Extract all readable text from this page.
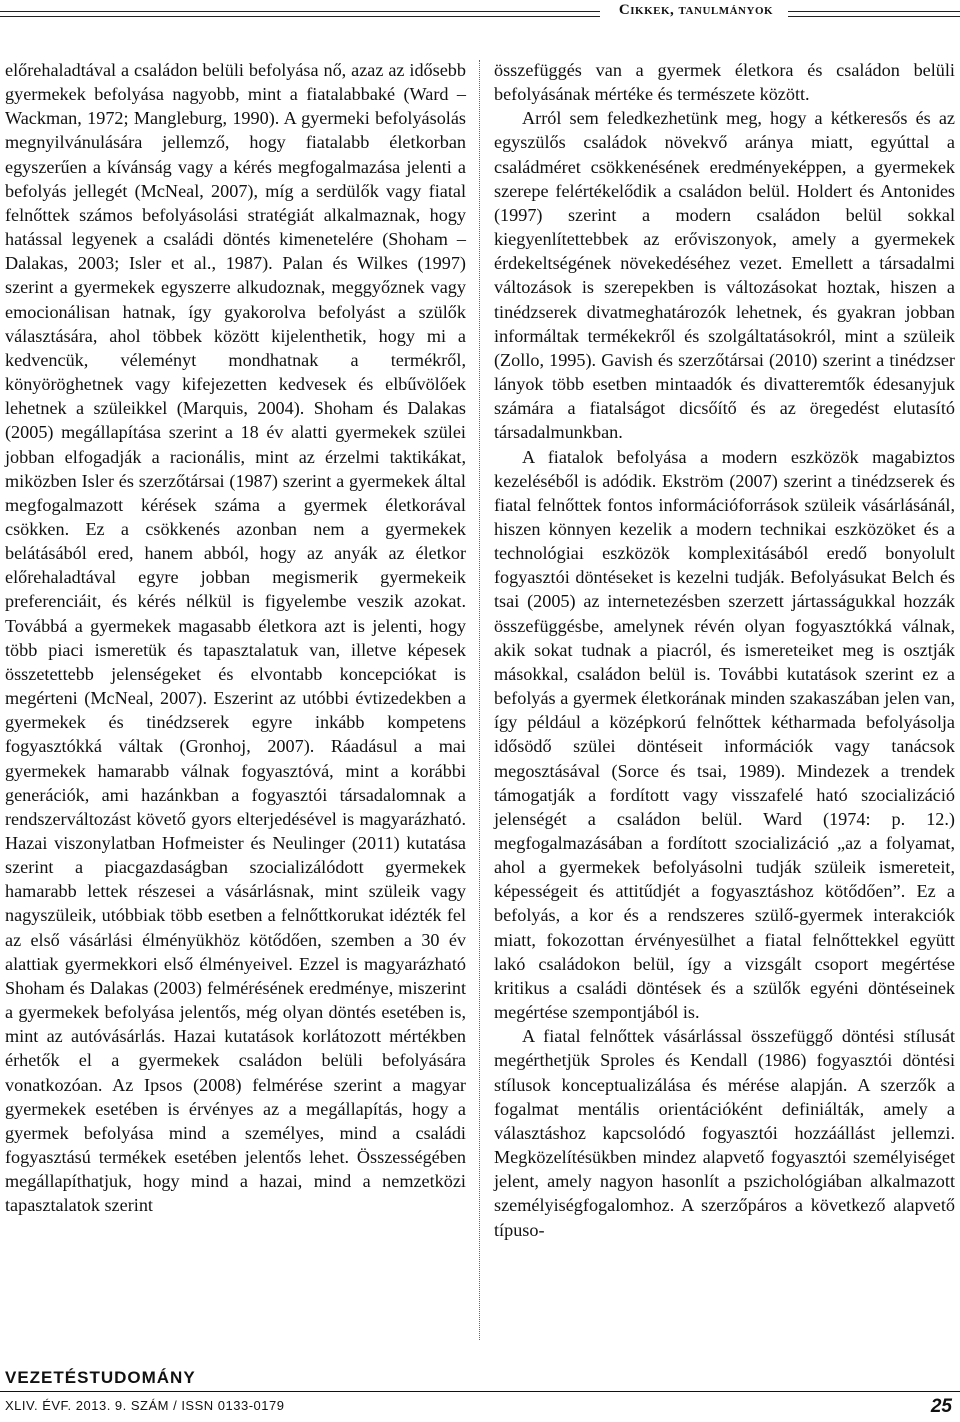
Cikkek, tanulmányok

előrehaladtával a családon belüli befolyása nő, azaz az idősebb gyermekek befolyása nagyobb, mint a fiatalabbaké (Ward – Wackman, 1972; Mangleburg, 1990). A gyermeki befolyásolás megnyilvánulására jellemző, hogy fiatalabb életkorban egyszerűen a kívánság vagy a kérés megfogalmazása jelenti a befolyás jellegét (McNeal, 2007), míg a serdülők vagy fiatal felnőttek számos befolyásolási stratégiát alkalmaznak, hogy hatással legyenek a családi döntés kimenetelére (Shoham – Dalakas, 2003; Isler et al., 1987). Palan és Wilkes (1997) szerint a gyermekek egyszerre alkudoznak, meggyőznek vagy emocionálisan hatnak, így gyakorolva befolyást a szülők választására, ahol többek között kijelenthetik, hogy mi a kedvencük, véleményt mondhatnak a termékről, könyöröghetnek vagy kifejezetten kedvesek és elbűvölőek lehetnek a szüleikkel (Marquis, 2004). Shoham és Dalakas (2005) megállapítása szerint a 18 év alatti gyermekek szülei jobban elfogadják a racionális, mint az érzelmi taktikákat, miközben Isler és szerzőtársai (1987) szerint a gyermekek által megfogalmazott kérések száma a gyermek életkorával csökken. Ez a csökkenés azonban nem a gyermekek belátásából ered, hanem abból, hogy az anyák az életkor előrehaladtával egyre jobban megismerik gyermekeik preferenciáit, és kérés nélkül is figyelembe veszik azokat. Továbbá a gyermekek magasabb életkora azt is jelenti, hogy több piaci ismeretük és tapasztalatuk van, illetve képesek összetettebb jelenségeket és elvontabb koncepciókat is megérteni (McNeal, 2007). Eszerint az utóbbi évtizedekben a gyermekek és tinédzserek egyre inkább kompetens fogyasztókká váltak (Gronhoj, 2007). Ráadásul a mai gyermekek hamarabb válnak fogyasztóvá, mint a korábbi generációk, ami hazánkban a fogyasztói társadalomnak a rendszerváltozást követő gyors elterjedésével is magyarázható. Hazai viszonylatban Hofmeister és Neulinger (2011) kutatása szerint a piacgazdaságban szocializálódott gyermekek hamarabb lettek részesei a vásárlásnak, mint szüleik vagy nagyszüleik, utóbbiak több esetben a felnőttkorukat idézték fel az első vásárlási élményükhöz kötődően, szemben a 30 év alattiak gyermekkori első élményeivel. Ezzel is magyarázható Shoham és Dalakas (2003) felmérésének eredménye, miszerint a gyermekek befolyása jelentős, még olyan döntés esetében is, mint az autóvásárlás. Hazai kutatások korlátozott mértékben érhetők el a gyermekek családon belüli befolyására vonatkozóan. Az Ipsos (2008) felmérése szerint a magyar gyermekek esetében is érvényes az a megállapítás, hogy a gyermek befolyása mind a személyes, mind a családi fogyasztású termékek esetében jelentős lehet. Összességében megállapíthatjuk, hogy mind a hazai, mind a nemzetközi tapasztalatok szerint

összefüggés van a gyermek életkora és családon belüli befolyásának mértéke és természete között.

Arról sem feledkezhetünk meg, hogy a kétkeresős és az egyszülős családok növekvő aránya miatt, egyúttal a családméret csökkenésének eredményeképpen, a gyermekek szerepe felértékelődik a családon belül. Holdert és Antonides (1997) szerint a modern családon belül sokkal kiegyenlítettebbek az erőviszonyok, amely a gyermekek érdekeltségének növekedéséhez vezet. Emellett a társadalmi változások is szerepekben is változásokat hoztak, hiszen a tinédzserek divatmeghatározók lehetnek, és gyakran jobban informáltak termékekről és szolgáltatásokról, mint a szüleik (Zollo, 1995). Gavish és szerzőtársai (2010) szerint a tinédzser lányok több esetben mintaadók és divatteremtők édesanyjuk számára a fiatalságot dicsőítő és az öregedést elutasító társadalmunkban.

A fiatalok befolyása a modern eszközök magabiztos kezeléséből is adódik. Ekström (2007) szerint a tinédzserek és fiatal felnőttek fontos információforrások szüleik vásárlásánál, hiszen könnyen kezelik a modern technikai eszközöket és a technológiai eszközök komplexitásából eredő bonyolult fogyasztói döntéseket is kezelni tudják. Befolyásukat Belch és tsai (2005) az internetezésben szerzett jártasságukkal hozzák összefüggésbe, amelynek révén olyan fogyasztókká válnak, akik sokat tudnak a piacról, és ismereteiket meg is osztják másokkal, családon belül is. További kutatások szerint ez a befolyás a gyermek életkorának minden szakaszában jelen van, így például a középkorú felnőttek kétharmada befolyásolja idősödő szülei döntéseit információk vagy tanácsok megosztásával (Sorce és tsai, 1989). Mindezek a trendek támogatják a fordított vagy visszafelé ható szocializáció jelenségét a családon belül. Ward (1974: p. 12.) megfogalmazásában a fordított szocializáció „az a folyamat, ahol a gyermekek befolyásolni tudják szüleik ismereteit, képességeit és attitűdjét a fogyasztáshoz kötődően”. Ez a befolyás, a kor és a rendszeres szülő-gyermek interakciók miatt, fokozottan érvényesülhet a fiatal felnőttekkel együtt lakó családokon belül, így a vizsgált csoport megértése kritikus a családi döntések és a szülők egyéni döntéseinek megértése szempontjából is.

A fiatal felnőttek vásárlással összefüggő döntési stílusát megérthetjük Sproles és Kendall (1986) fogyasztói döntési stílusok konceptualizálása és mérése alapján. A szerzők a fogalmat mentális orientációként definiálták, amely a választáshoz kapcsolódó fogyasztói hozzáállást jellemzi. Megközelítésükben mindez alapvető fogyasztói személyiséget jelent, amely nagyon hasonlít a pszichológiában alkalmazott személyiségfogalomhoz. A szerzőpáros a következő alapvető típuso-

VEZETÉSTUDOMÁNY
XLIV. ÉVF. 2013. 9. SZÁM / ISSN 0133-0179	25
